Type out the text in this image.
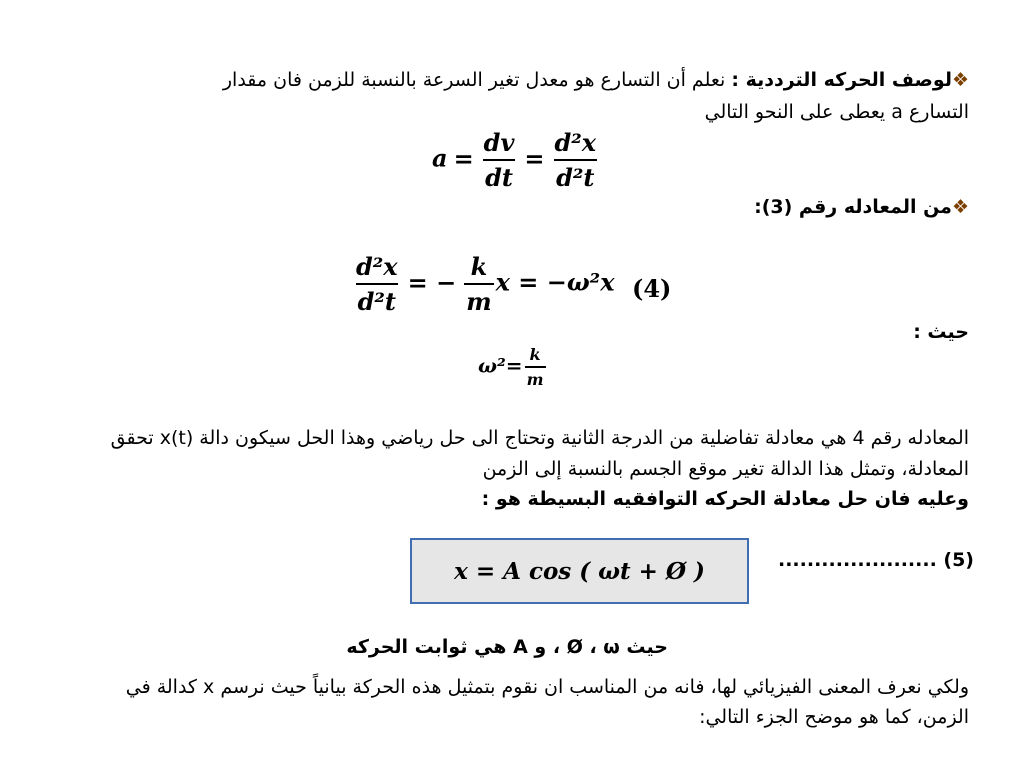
❖لوصف الحركه الترددية : نعلم أن التسارع هو معدل تغير السرعة بالنسبة للزمن فان مقدار
التسارع a يعطى على النحو التالي
$a = \frac{dv}{dt} = \frac{\text{d²x}}{\text{d²t}}$
❖من المعادله رقم (3):
$\frac{\text{d²x}}{\text{d²t}}$ = − $\frac{k}{m}$ x = −ω²x (4)
حيث :
$\omega^2= \frac{k}{m}$
المعادله رقم 4 هي معادلة تفاضلية من الدرجة الثانية وتحتاج الى حل رياضي وهذا الحل سيكون دالة x(t) تحقق
المعادلة، وتمثل هذا الدالة تغير موقع الجسم بالنسبة إلى الزمن
وعليه فان حل معادلة الحركه التوافقيه البسيطة هو :
x = A cos ( ωt + Ø )	...................... (5)
حيث Ø ، ω ، و A هي ثوابت الحركه
ولكي نعرف المعنى الفيزيائي لها، فانه من المناسب ان نقوم بتمثيل هذه الحركة بيانياً حيث نرسم x كدالة في
الزمن، كما هو موضح الجزء التالي:
